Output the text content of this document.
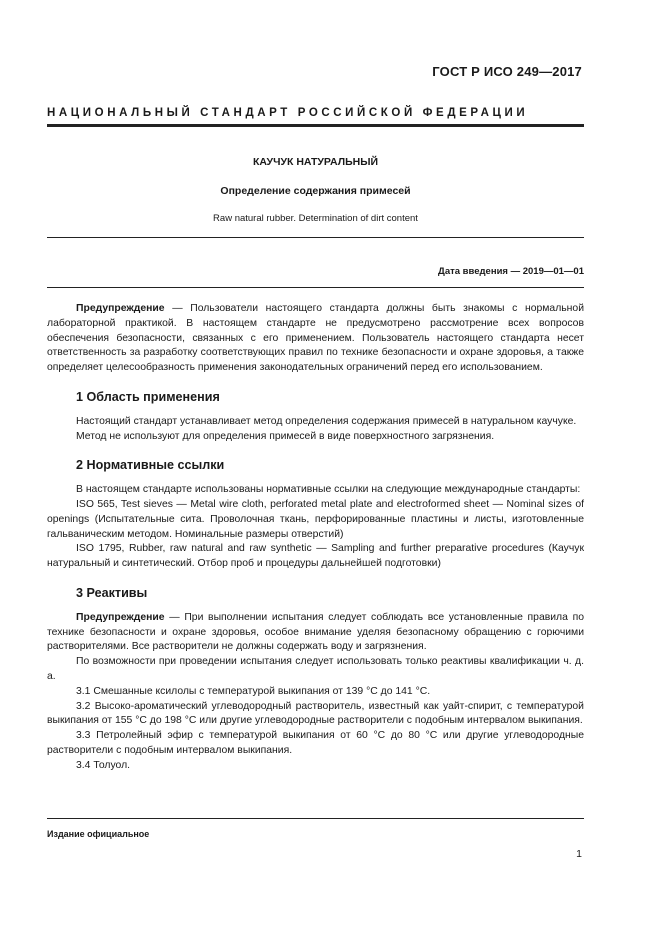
ГОСТ Р ИСО 249—2017
НАЦИОНАЛЬНЫЙ СТАНДАРТ РОССИЙСКОЙ ФЕДЕРАЦИИ
КАУЧУК НАТУРАЛЬНЫЙ
Определение содержания примесей
Raw natural rubber. Determination of dirt content
Дата введения — 2019—01—01

Предупреждение — Пользователи настоящего стандарта должны быть знакомы с нормальной лабораторной практикой. В настоящем стандарте не предусмотрено рассмотрение всех вопросов обеспечения безопасности, связанных с его применением. Пользователь настоящего стандарта несет ответственность за разработку соответствующих правил по технике безопасности и охране здоровья, а также определяет целесообразность применения законодательных ограничений перед его использованием.

1 Область применения

Настоящий стандарт устанавливает метод определения содержания примесей в натуральном каучуке.

Метод не используют для определения примесей в виде поверхностного загрязнения.

2 Нормативные ссылки

В настоящем стандарте использованы нормативные ссылки на следующие международные стандарты:

ISO 565, Test sieves — Metal wire cloth, perforated metal plate and electroformed sheet — Nominal sizes of openings (Испытательные сита. Проволочная ткань, перфорированные пластины и листы, изготовленные гальваническим методом. Номинальные размеры отверстий)

ISO 1795, Rubber, raw natural and raw synthetic — Sampling and further preparative procedures (Каучук натуральный и синтетический. Отбор проб и процедуры дальнейшей подготовки)

3 Реактивы

Предупреждение — При выполнении испытания следует соблюдать все установленные правила по технике безопасности и охране здоровья, особое внимание уделяя безопасному обращению с горючими растворителями. Все растворители не должны содержать воду и загрязнения.

По возможности при проведении испытания следует использовать только реактивы квалификации ч. д. а.

3.1 Смешанные ксилолы с температурой выкипания от 139 °C до 141 °C.

3.2 Высоко-ароматический углеводородный растворитель, известный как уайт-спирит, с температурой выкипания от 155 °C до 198 °C или другие углеводородные растворители с подобным интервалом выкипания.

3.3 Петролейный эфир с температурой выкипания от 60 °C до 80 °C или другие углеводородные растворители с подобным интервалом выкипания.

3.4 Толуол.

Издание официальное
1
